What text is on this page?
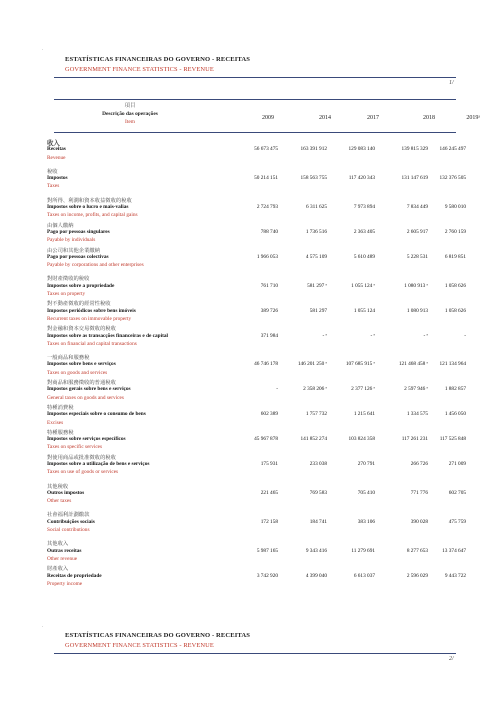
.
ESTATÍSTICAS FINANCEIRAS DO GOVERNO - RECEITAS
GOVERNMENT FINANCE STATISTICS - REVENUE
1/
項目
Descrição das operações
Item
2009	2014	2017	2018	2019ᵃ
收入
Receitas	56 673 475	163 391 912	129 083 140	139 815 329	146 245 497
Revenue
稅收
Impostos	50 214 151	158 563 755	117 420 343	131 147 619	132 376 505
Taxes
對所得、利潤和資本收益徵收的稅收
Impostos sobre o lucro e mais-valias	2 724 793	6 311 625	7 973 894	7 834 449	9 580 010
Taxes on income, profits, and capital gains
由個人繳納
Pago por pessoas singulares	788 740	1 736 516	2 363 405	2 605 917	2 760 159
Payable by individuals
由公司和其他企業繳納
Pago por pessoas colectivas	1 966 053	4 575 109	5 610 489	5 228 531	6 819 851
Payable by corporations and other enterprises
對財產徵收的稅收
Impostos sobre a propriedade	761 710	581 297 ᵉ	1 055 124 ᵉ	1 080 913 ᵉ	1 058 626
Taxes on property
對不動產徵收的經常性稅收
Impostos periódicos sobre bens imóveis	389 726	581 297	1 055 124	1 080 913	1 058 626
Recurrent taxes on immovable property
對金融和資本交易徵收的稅收
Impostos sobre as transacções financeiras e de capital	371 984	- ᵉ	- ᵉ	- ᵉ	-
Taxes on financial and capital transactions
一般商品和服務稅
Impostos sobre bens e serviços	46 746 178	146 201 250 ᵉ	107 685 915 ᵉ	121 468 458 ᵉ	121 134 964
Taxes on goods and services
對商品和服務徵收的普通稅收
Impostos gerais sobre bens e serviços	-	2 358 206 ᵉ	2 377 126 ᵉ	2 597 946 ᵉ	1 882 857
General taxes on goods and services
特種消費稅
Impostos especiais sobre o consumo de bens	602 389	1 757 732	1 215 641	1 334 575	1 456 050
Excises
特種服務稅
Impostos sobre serviços específicos	45 967 878	141 852 274	103 824 358	117 261 231	117 525 848
Taxes on specific services
對使用商品或批准徵收的稅收
Impostos sobre a utilização de bens e serviços	175 931	233 038	270 791	266 726	271 009
Taxes on use of goods or services
其他稅收
Outros impostos	221 465	769 583	705 410	771 776	602 705
Other taxes
社會福利計劃繳款
Contribuições sociais	172 158	184 741	383 106	390 028	475 759
Social contributions
其他收入
Outras receitas	5 987 165	9 343 416	11 279 691	8 277 653	13 374 647
Other revenue
財產收入
Receitas de propriedade	3 742 920	4 399 040	6 613 037	2 596 029	9 443 722
Property income
.
ESTATÍSTICAS FINANCEIRAS DO GOVERNO - RECEITAS
GOVERNMENT FINANCE STATISTICS - REVENUE
2/
